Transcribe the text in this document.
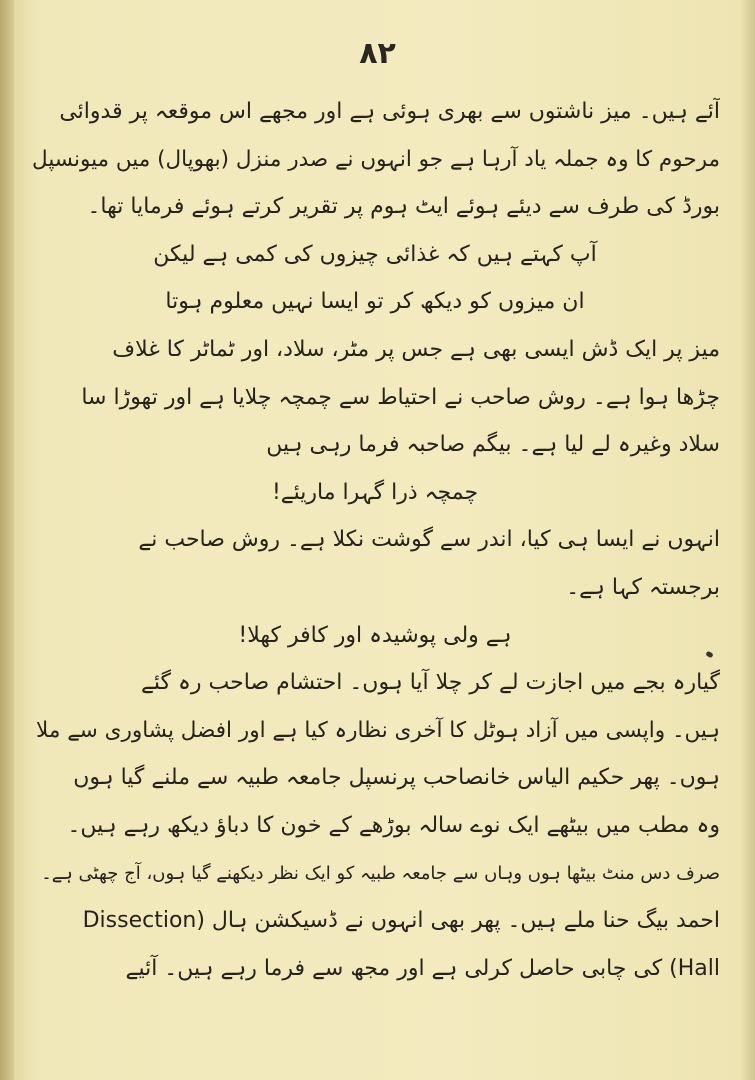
۸۲
آئے ہیں۔ میز ناشتوں سے بھری ہوئی ہے اور مجھے اس موقعہ پر قدوائی
مرحوم کا وہ جملہ یاد آرہا ہے جو انہوں نے صدر منزل (بھوپال) میں میونسپل
بورڈ کی طرف سے دیئے ہوئے ایٹ ہوم پر تقریر کرتے ہوئے فرمایا تھا۔
آپ کہتے ہیں کہ غذائی چیزوں کی کمی ہے لیکن
ان میزوں کو دیکھ کر تو ایسا نہیں معلوم ہوتا
میز پر ایک ڈش ایسی بھی ہے جس پر مٹر، سلاد، اور ٹماٹر کا غلاف
چڑھا ہوا ہے۔ روش صاحب نے احتیاط سے چمچہ چلایا ہے اور تھوڑا سا
سلاد وغیرہ لے لیا ہے۔ بیگم صاحبہ فرما رہی ہیں
چمچہ ذرا گہرا ماریئے!
انہوں نے ایسا ہی کیا، اندر سے گوشت نکلا ہے۔ روش صاحب نے
برجستہ کہا ہے۔
ہے ولی پوشیدہ اور کافر کھلا!
گیارہ بجے میں اجازت لے کر چلا آیا ہوں۔ احتشام صاحب رہ گئے
ہیں۔ واپسی میں آزاد ہوٹل کا آخری نظارہ کیا ہے اور افضل پشاوری سے ملا
ہوں۔ پھر حکیم الیاس خانصاحب پرنسپل جامعہ طبیہ سے ملنے گیا ہوں
وہ مطب میں بیٹھے ایک نوے سالہ بوڑھے کے خون کا دباؤ دیکھ رہے ہیں۔
صرف دس منٹ بیٹھا ہوں وہاں سے جامعہ طبیہ کو ایک نظر دیکھنے گیا ہوں، آج چھٹی ہے۔
احمد بیگ حنا ملے ہیں۔ پھر بھی انہوں نے ڈسیکشن ہال (Dissection
Hall) کی چابی حاصل کرلی ہے اور مجھ سے فرما رہے ہیں۔ آئیے
